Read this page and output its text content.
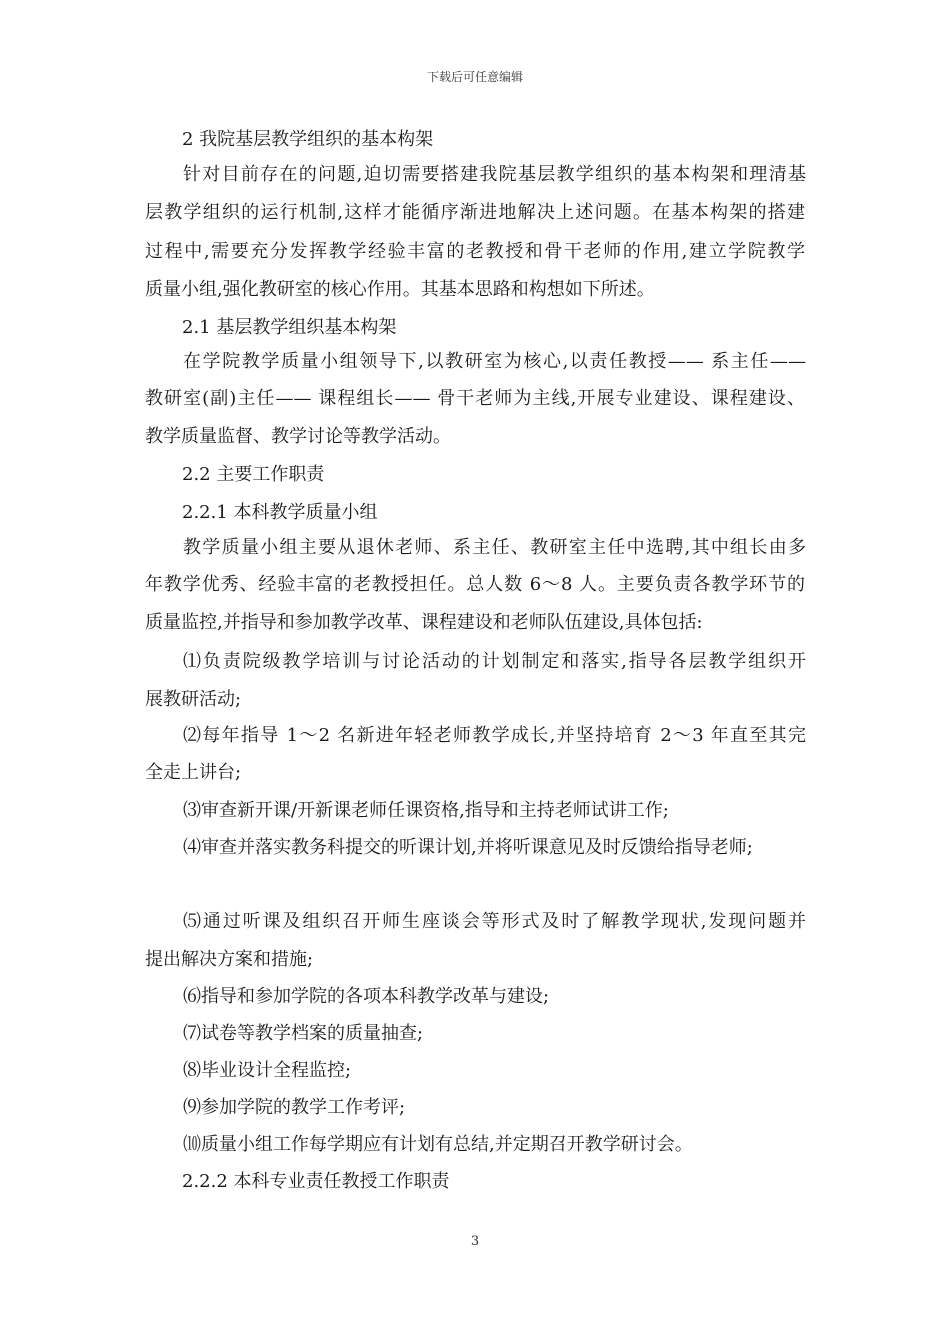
下载后可任意编辑
2 我院基层教学组织的基本构架
针对目前存在的问题,迫切需要搭建我院基层教学组织的基本构架和理清基
层教学组织的运行机制,这样才能循序渐进地解决上述问题。在基本构架的搭建
过程中,需要充分发挥教学经验丰富的老教授和骨干老师的作用,建立学院教学
质量小组,强化教研室的核心作用。其基本思路和构想如下所述。
2.1 基层教学组织基本构架
在学院教学质量小组领导下,以教研室为核心,以责任教授—— 系主任——
教研室(副)主任—— 课程组长—— 骨干老师为主线,开展专业建设、课程建设、
教学质量监督、教学讨论等教学活动。
2.2 主要工作职责
2.2.1 本科教学质量小组
教学质量小组主要从退休老师、系主任、教研室主任中选聘,其中组长由多
年教学优秀、经验丰富的老教授担任。总人数 6～8 人。主要负责各教学环节的
质量监控,并指导和参加教学改革、课程建设和老师队伍建设,具体包括:
⑴负责院级教学培训与讨论活动的计划制定和落实,指导各层教学组织开
展教研活动;
⑵每年指导 1～2 名新进年轻老师教学成长,并坚持培育 2～3 年直至其完
全走上讲台;
⑶审查新开课/开新课老师任课资格,指导和主持老师试讲工作;
⑷审查并落实教务科提交的听课计划,并将听课意见及时反馈给指导老师;
⑸通过听课及组织召开师生座谈会等形式及时了解教学现状,发现问题并
提出解决方案和措施;
⑹指导和参加学院的各项本科教学改革与建设;
⑺试卷等教学档案的质量抽查;
⑻毕业设计全程监控;
⑼参加学院的教学工作考评;
⑽质量小组工作每学期应有计划有总结,并定期召开教学研讨会。
2.2.2 本科专业责任教授工作职责
3
